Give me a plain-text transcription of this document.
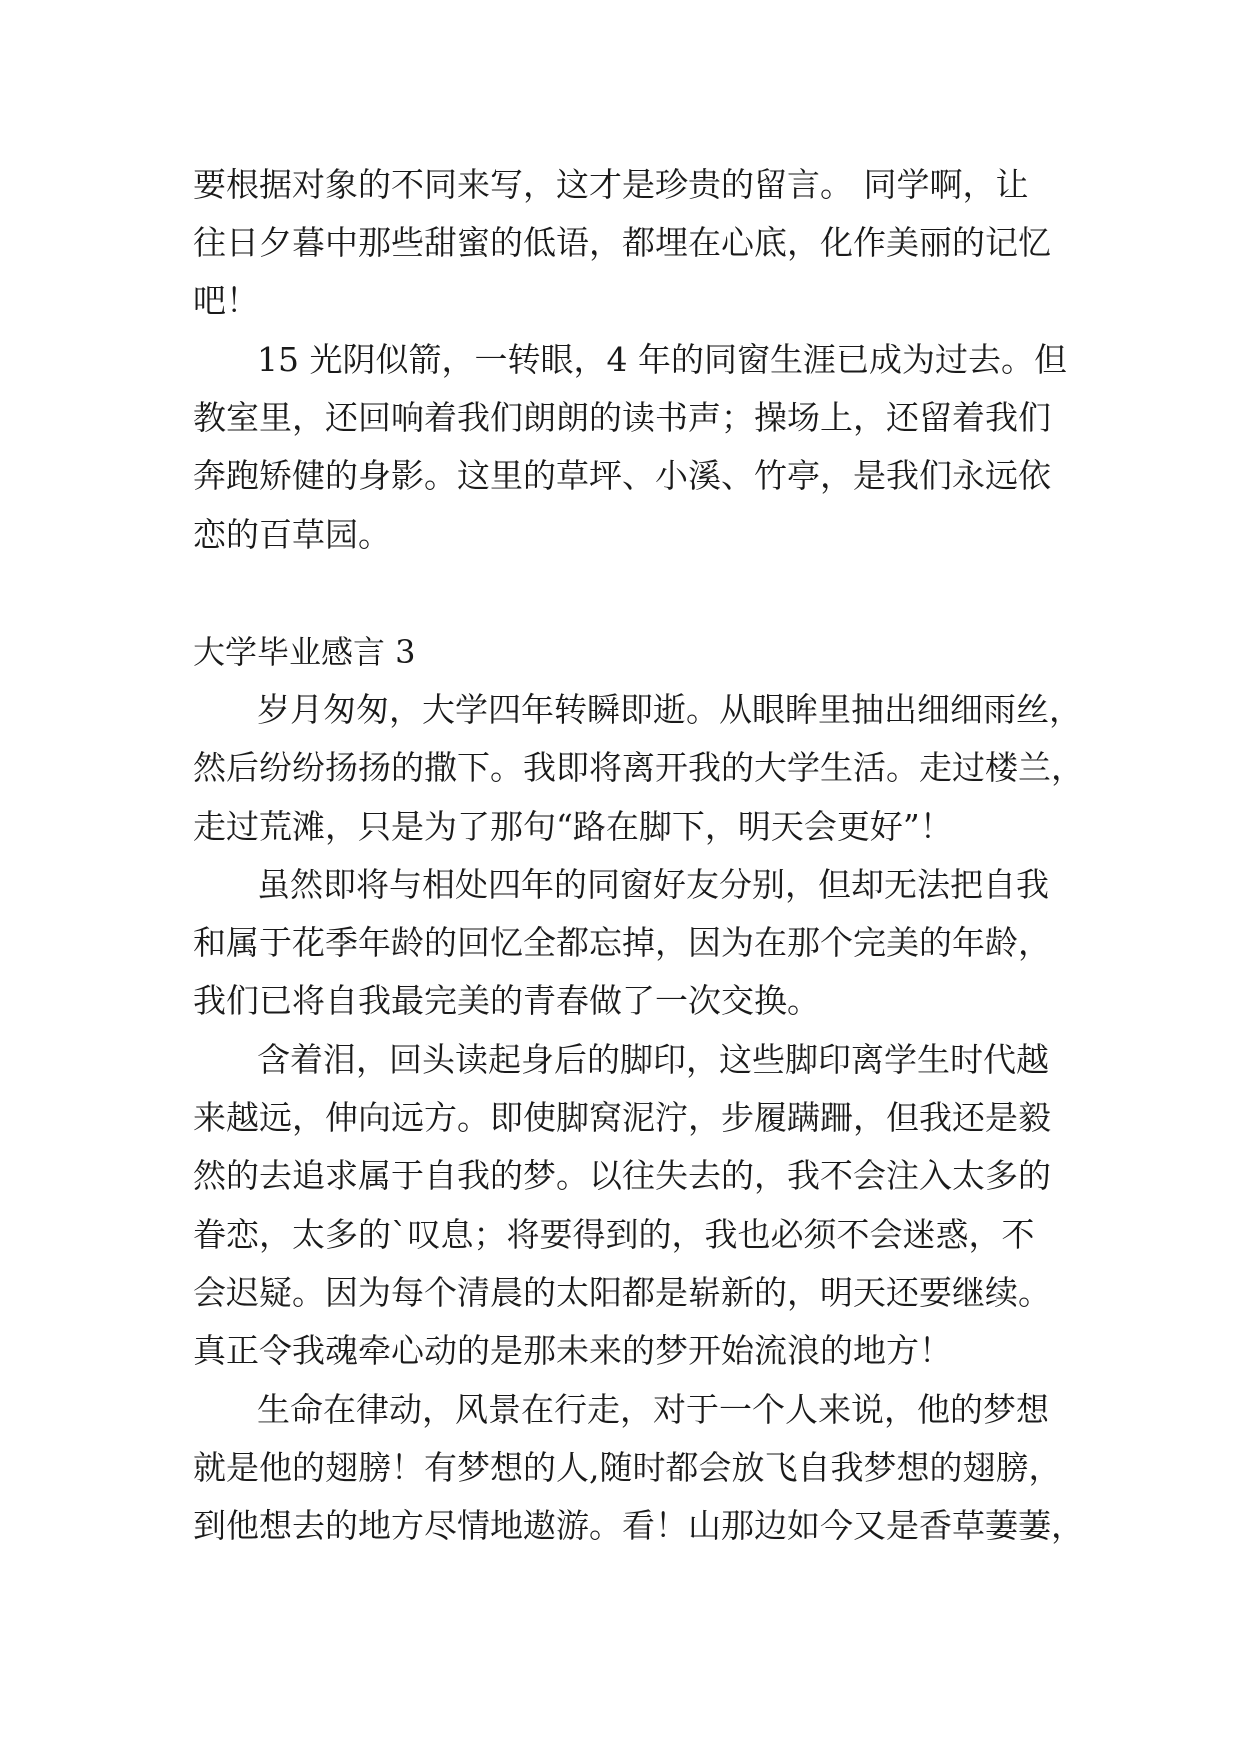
要根据对象的不同来写，这才是珍贵的留言。 同学啊，让
往日夕暮中那些甜蜜的低语，都埋在心底，化作美丽的记忆
吧！
15 光阴似箭，一转眼，4 年的同窗生涯已成为过去。但
教室里，还回响着我们朗朗的读书声；操场上，还留着我们
奔跑矫健的身影。这里的草坪、小溪、竹亭，是我们永远依
恋的百草园。
大学毕业感言 3
岁月匆匆，大学四年转瞬即逝。从眼眸里抽出细细雨丝，
然后纷纷扬扬的撒下。我即将离开我的大学生活。走过楼兰，
走过荒滩，只是为了那句“路在脚下，明天会更好”！
虽然即将与相处四年的同窗好友分别，但却无法把自我
和属于花季年龄的回忆全都忘掉，因为在那个完美的年龄，
我们已将自我最完美的青春做了一次交换。
含着泪，回头读起身后的脚印，这些脚印离学生时代越
来越远，伸向远方。即使脚窝泥泞，步履蹒跚，但我还是毅
然的去追求属于自我的梦。以往失去的，我不会注入太多的
眷恋，太多的`叹息；将要得到的，我也必须不会迷惑，不
会迟疑。因为每个清晨的太阳都是崭新的，明天还要继续。
真正令我魂牵心动的是那未来的梦开始流浪的地方！
生命在律动，风景在行走，对于一个人来说，他的梦想
就是他的翅膀！有梦想的人,随时都会放飞自我梦想的翅膀，
到他想去的地方尽情地遨游。看！山那边如今又是香草萋萋，
